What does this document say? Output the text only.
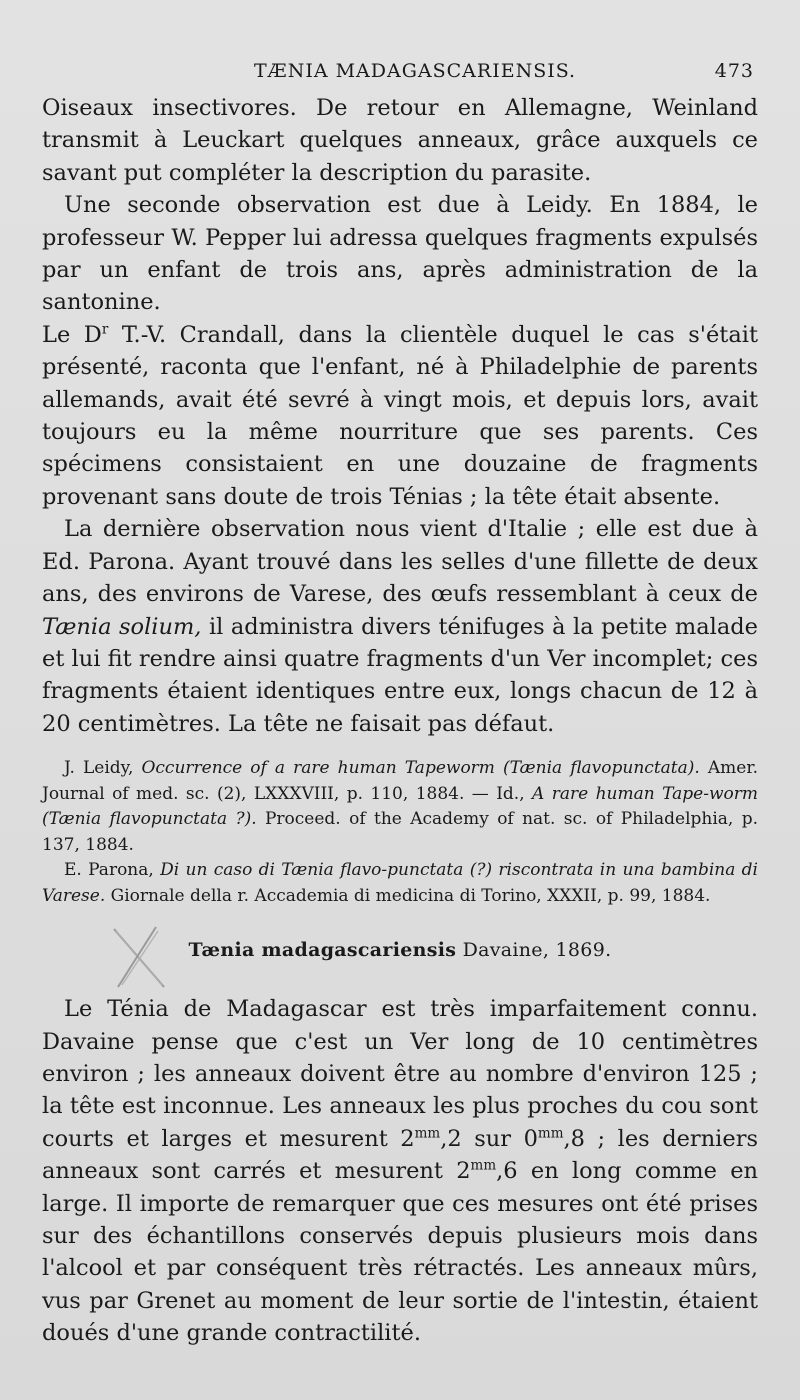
TÆNIA MADAGASCARIENSIS.	473

Oiseaux insectivores. De retour en Allemagne, Weinland transmit à Leuckart quelques anneaux, grâce auxquels ce savant put compléter la description du parasite.

Une seconde observation est due à Leidy. En 1884, le professeur W. Pepper lui adressa quelques fragments expulsés par un enfant de trois ans, après administration de la santonine.
Le $D^r$ T.-V. Crandall, dans la clientèle duquel le cas s'était présenté, raconta que l'enfant, né à Philadelphie de parents allemands, avait été sevré à vingt mois, et depuis lors, avait toujours eu la même nourriture que ses parents. Ces spécimens consistaient en une douzaine de fragments provenant sans doute de trois Ténias ; la tête était absente.

La dernière observation nous vient d'Italie ; elle est due à Ed. Parona. Ayant trouvé dans les selles d'une fillette de deux ans, des environs de Varese, des œufs ressemblant à ceux de Tænia solium, il administra divers ténifuges à la petite malade et lui fit rendre ainsi quatre fragments d'un Ver incomplet; ces fragments étaient identiques entre eux, longs chacun de 12 à 20 centimètres. La tête ne faisait pas défaut.

J. Leidy, Occurrence of a rare human Tapeworm (Tænia flavopunctata). Amer. Journal of med. sc. (2), LXXXVIII, p. 110, 1884. — Id., A rare human Tape-worm (Tænia flavopunctata ?). Proceed. of the Academy of nat. sc. of Philadelphia, p. 137, 1884.

E. Parona, Di un caso di Tænia flavo-punctata (?) riscontrata in una bambina di Varese. Giornale della r. Accademia di medicina di Torino, XXXII, p. 99, 1884.

Tænia madagascariensis Davaine, 1869.

Le Ténia de Madagascar est très imparfaitement connu. Davaine pense que c'est un Ver long de 10 centimètres environ ; les anneaux doivent être au nombre d'environ 125 ; la tête est inconnue. Les anneaux les plus proches du cou sont courts et larges et mesurent $2^{mm},2$ sur $0^{mm},8$ ; les derniers anneaux sont carrés et mesurent $2^{mm},6$ en long comme en large. Il importe de remarquer que ces mesures ont été prises sur des échantillons conservés depuis plusieurs mois dans l'alcool et par conséquent très rétractés. Les anneaux mûrs, vus par Grenet au moment de leur sortie de l'intestin, étaient doués d'une grande contractilité.
